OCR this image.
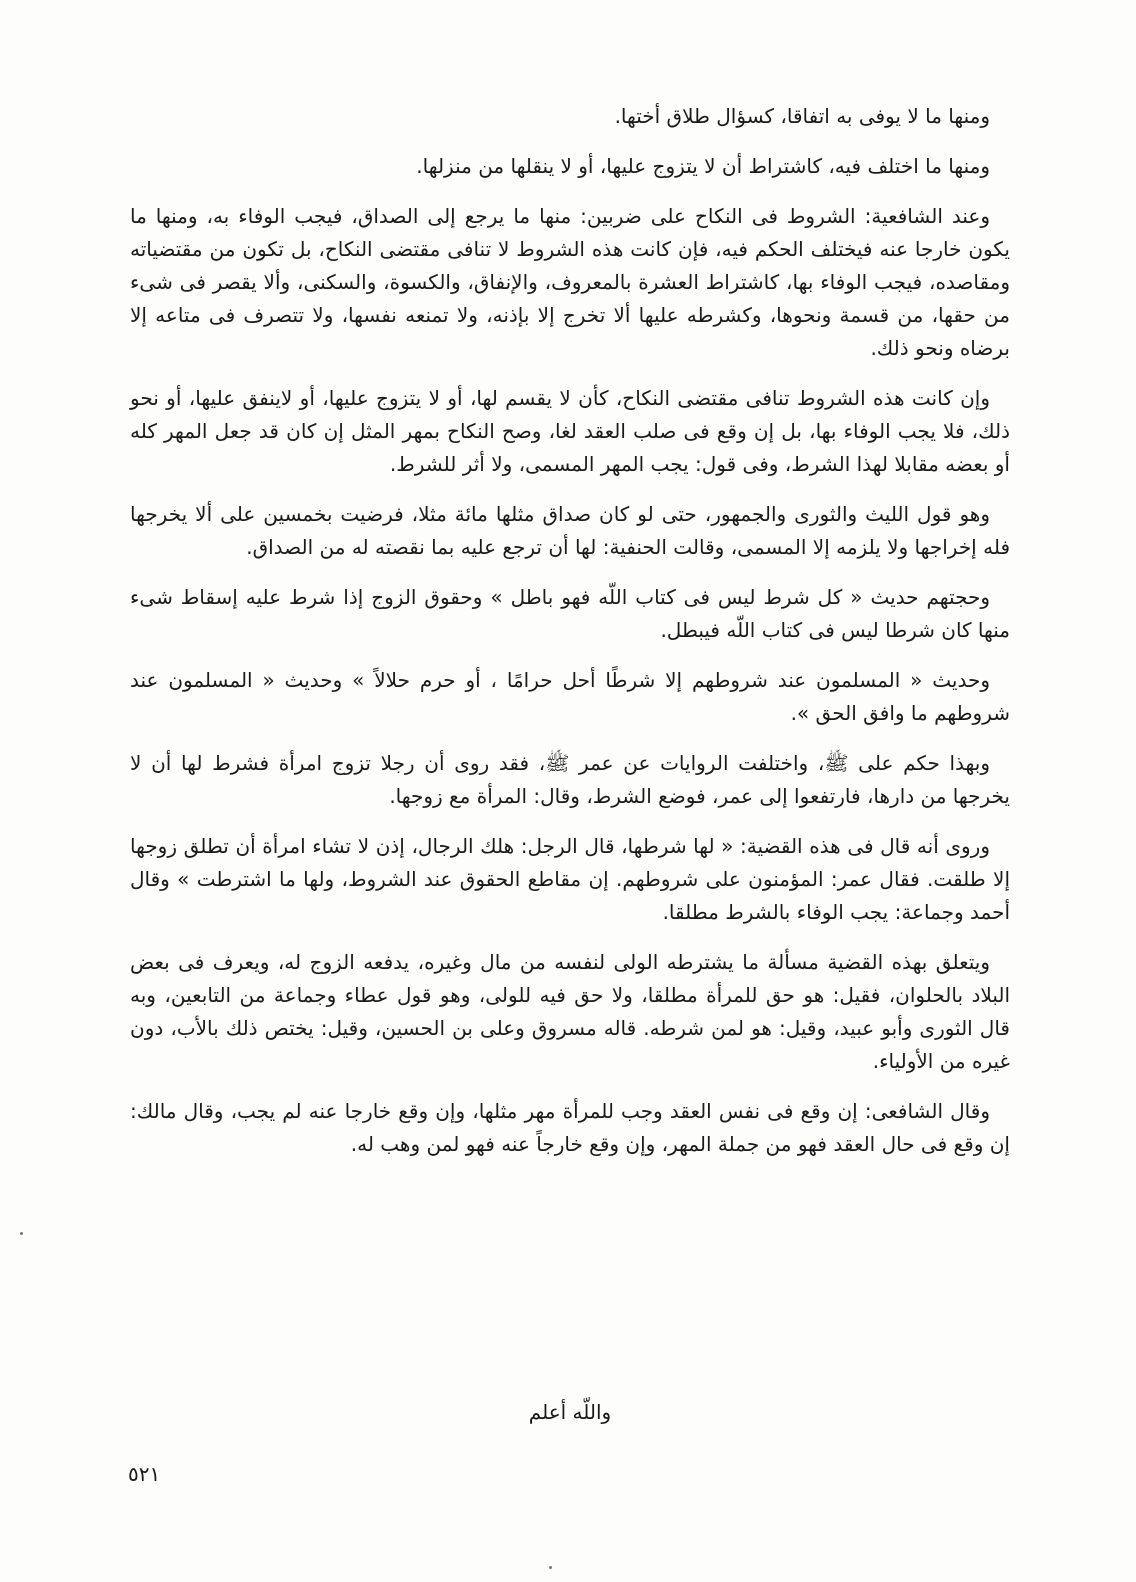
ومنها ما لا يوفى به اتفاقا، كسؤال طلاق أختها.

ومنها ما اختلف فيه، كاشتراط أن لا يتزوج عليها، أو لا ينقلها من منزلها.

وعند الشافعية: الشروط فى النكاح على ضربين: منها ما يرجع إلى الصداق، فيجب الوفاء به، ومنها ما يكون خارجا عنه فيختلف الحكم فيه، فإن كانت هذه الشروط لا تنافى مقتضى النكاح، بل تكون من مقتضياته ومقاصده، فيجب الوفاء بها، كاشتراط العشرة بالمعروف، والإنفاق، والكسوة، والسكنى، وألا يقصر فى شىء من حقها، من قسمة ونحوها، وكشرطه عليها ألا تخرج إلا بإذنه، ولا تمنعه نفسها، ولا تتصرف فى متاعه إلا برضاه ونحو ذلك.

وإن كانت هذه الشروط تنافى مقتضى النكاح، كأن لا يقسم لها، أو لا يتزوج عليها، أو لاينفق عليها، أو نحو ذلك، فلا يجب الوفاء بها، بل إن وقع فى صلب العقد لغا، وصح النكاح بمهر المثل إن كان قد جعل المهر كله أو بعضه مقابلا لهذا الشرط، وفى قول: يجب المهر المسمى، ولا أثر للشرط.

وهو قول الليث والثورى والجمهور، حتى لو كان صداق مثلها مائة مثلا، فرضيت بخمسين على ألا يخرجها فله إخراجها ولا يلزمه إلا المسمى، وقالت الحنفية: لها أن ترجع عليه بما نقصته له من الصداق.

وحجتهم حديث « كل شرط ليس فى كتاب اللّه فهو باطل » وحقوق الزوج إذا شرط عليه إسقاط شىء منها كان شرطا ليس فى كتاب اللّه فيبطل.

وحديث « المسلمون عند شروطهم إلا شرطًا أحل حرامًا ، أو حرم حلالاً » وحديث « المسلمون عند شروطهم ما وافق الحق ».

وبهذا حكم على ﷺ، واختلفت الروايات عن عمر ﷺ، فقد روى أن رجلا تزوج امرأة فشرط لها أن لا يخرجها من دارها، فارتفعوا إلى عمر، فوضع الشرط، وقال: المرأة مع زوجها.

وروى أنه قال فى هذه القضية: « لها شرطها، قال الرجل: هلك الرجال، إذن لا تشاء امرأة أن تطلق زوجها إلا طلقت. فقال عمر: المؤمنون على شروطهم. إن مقاطع الحقوق عند الشروط، ولها ما اشترطت » وقال أحمد وجماعة: يجب الوفاء بالشرط مطلقا.

ويتعلق بهذه القضية مسألة ما يشترطه الولى لنفسه من مال وغيره، يدفعه الزوج له، ويعرف فى بعض البلاد بالحلوان، فقيل: هو حق للمرأة مطلقا، ولا حق فيه للولى، وهو قول عطاء وجماعة من التابعين، وبه قال الثورى وأبو عبيد، وقيل: هو لمن شرطه. قاله مسروق وعلى بن الحسين، وقيل: يختص ذلك بالأب، دون غيره من الأولياء.

وقال الشافعى: إن وقع فى نفس العقد وجب للمرأة مهر مثلها، وإن وقع خارجا عنه لم يجب، وقال مالك: إن وقع فى حال العقد فهو من جملة المهر، وإن وقع خارجاً عنه فهو لمن وهب له.

واللّه أعلم
٥٢١
